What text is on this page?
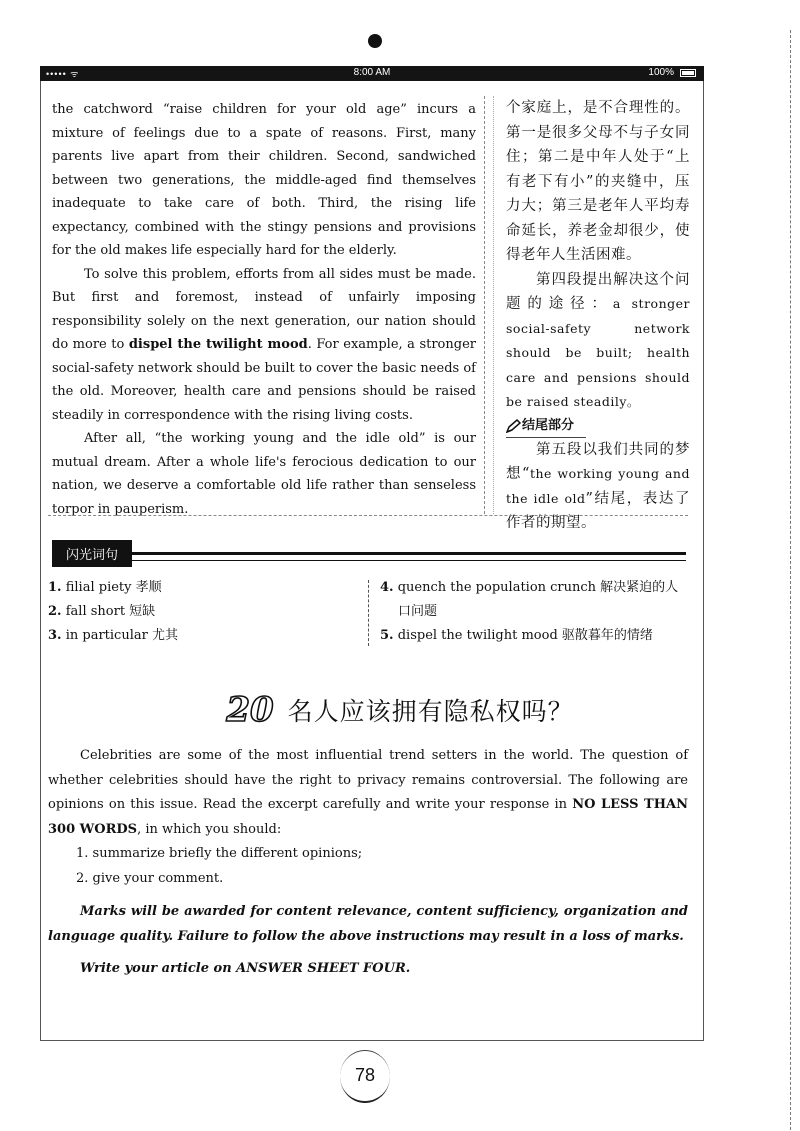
••••• ᯤ	8:00 AM	100%

the catchword “raise children for your old age” incurs a mixture of feelings due to a spate of reasons. First, many parents live apart from their children. Second, sandwiched between two generations, the middle-aged find themselves inadequate to take care of both. Third, the rising life expectancy, combined with the stingy pensions and provisions for the old makes life especially hard for the elderly.

To solve this problem, efforts from all sides must be made. But first and foremost, instead of unfairly imposing responsibility solely on the next generation, our nation should do more to dispel the twilight mood. For example, a stronger social-safety network should be built to cover the basic needs of the old. Moreover, health care and pensions should be raised steadily in correspondence with the rising living costs.

After all, “the working young and the idle old” is our mutual dream. After a whole life's ferocious dedication to our nation, we deserve a comfortable old life rather than senseless torpor in pauperism.

个家庭上，是不合理性的。第一是很多父母不与子女同住；第二是中年人处于“上有老下有小”的夹缝中，压力大；第三是老年人平均寿命延长，养老金却很少，使得老年人生活困难。

第四段提出解决这个问题的途径：a stronger social-safety network should be built; health care and pensions should be raised steadily。

结尾部分

第五段以我们共同的梦想“the working young and the idle old”结尾，表达了作者的期望。

闪光词句

1. filial piety 孝顺

2. fall short 短缺

3. in particular 尤其

4. quench the population crunch 解决紧迫的人口问题

5. dispel the twilight mood 驱散暮年的情绪

20 名人应该拥有隐私权吗？

Celebrities are some of the most influential trend setters in the world. The question of whether celebrities should have the right to privacy remains controversial. The following are opinions on this issue. Read the excerpt carefully and write your response in NO LESS THAN 300 WORDS, in which you should:

1. summarize briefly the different opinions;

2. give your comment.

Marks will be awarded for content relevance, content sufficiency, organization and language quality. Failure to follow the above instructions may result in a loss of marks.

Write your article on ANSWER SHEET FOUR.

78
